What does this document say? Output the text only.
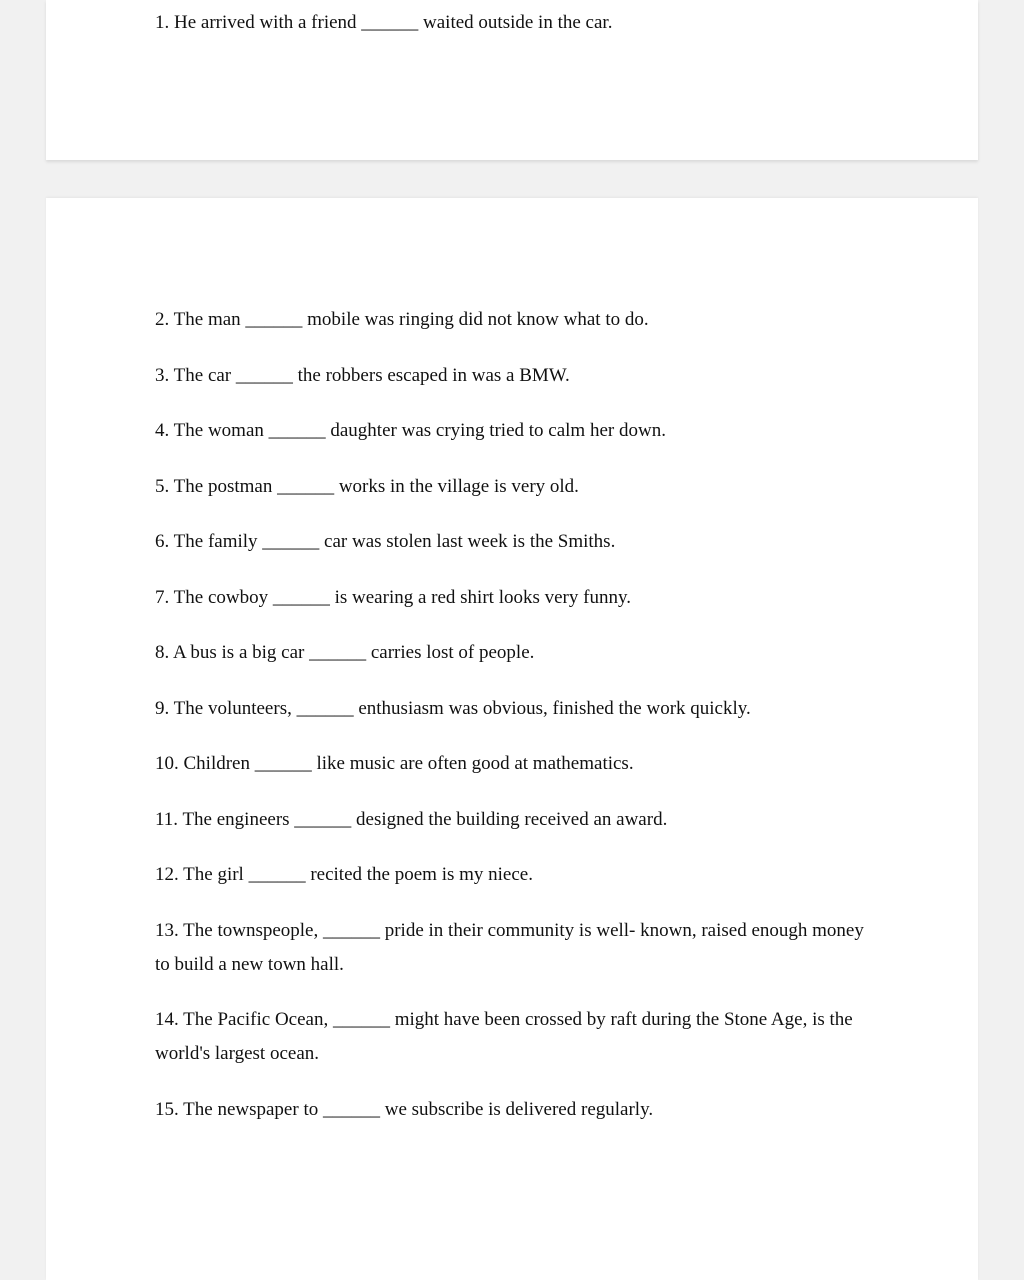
1. He arrived with a friend ______ waited outside in the car.

2. The man ______ mobile was ringing did not know what to do.

3. The car ______ the robbers escaped in was a BMW.

4. The woman ______ daughter was crying tried to calm her down.

5. The postman ______ works in the village is very old.

6. The family ______ car was stolen last week is the Smiths.

7. The cowboy ______ is wearing a red shirt looks very funny.

8. A bus is a big car ______ carries lost of people.

9. The volunteers, ______ enthusiasm was obvious, finished the work quickly.

10. Children ______ like music are often good at mathematics.

11. The engineers ______ designed the building received an award.

12. The girl ______ recited the poem is my niece.

13. The townspeople, ______ pride in their community is well- known, raised enough money to build a new town hall.

14. The Pacific Ocean, ______ might have been crossed by raft during the Stone Age, is the world's largest ocean.

15. The newspaper to ______ we subscribe is delivered regularly.
